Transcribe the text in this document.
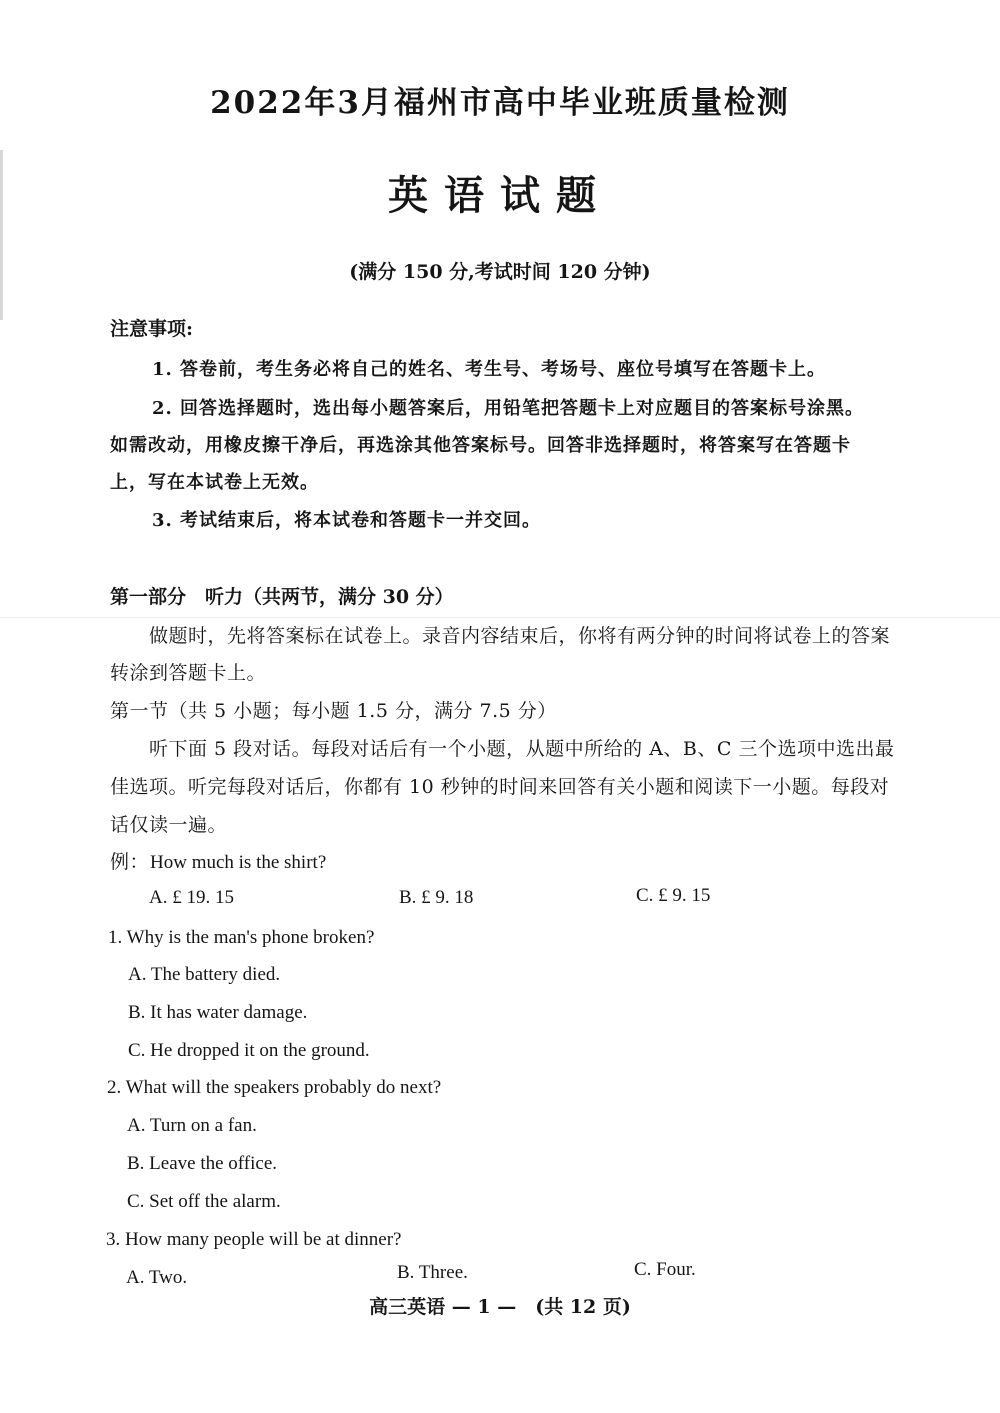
2022年3月福州市高中毕业班质量检测
英语试题
(满分 150 分,考试时间 120 分钟)
注意事项:
1. 答卷前，考生务必将自己的姓名、考生号、考场号、座位号填写在答题卡上。
2. 回答选择题时，选出每小题答案后，用铅笔把答题卡上对应题目的答案标号涂黑。
如需改动，用橡皮擦干净后，再选涂其他答案标号。回答非选择题时，将答案写在答题卡
上，写在本试卷上无效。
3. 考试结束后，将本试卷和答题卡一并交回。
第一部分　听力（共两节，满分 30 分）
做题时，先将答案标在试卷上。录音内容结束后，你将有两分钟的时间将试卷上的答案
转涂到答题卡上。
第一节（共 5 小题；每小题 1.5 分，满分 7.5 分）
听下面 5 段对话。每段对话后有一个小题，从题中所给的 A、B、C 三个选项中选出最
佳选项。听完每段对话后，你都有 10 秒钟的时间来回答有关小题和阅读下一小题。每段对
话仅读一遍。
例： How much is the shirt?
A. £ 19. 15	B. £ 9. 18	C. £ 9. 15
1. Why is the man's phone broken?
A. The battery died.
B. It has water damage.
C. He dropped it on the ground.
2. What will the speakers probably do next?
A. Turn on a fan.
B. Leave the office.
C. Set off the alarm.
3. How many people will be at dinner?
A. Two.	B. Three.	C. Four.
高三英语 — 1 —　(共 12 页)
